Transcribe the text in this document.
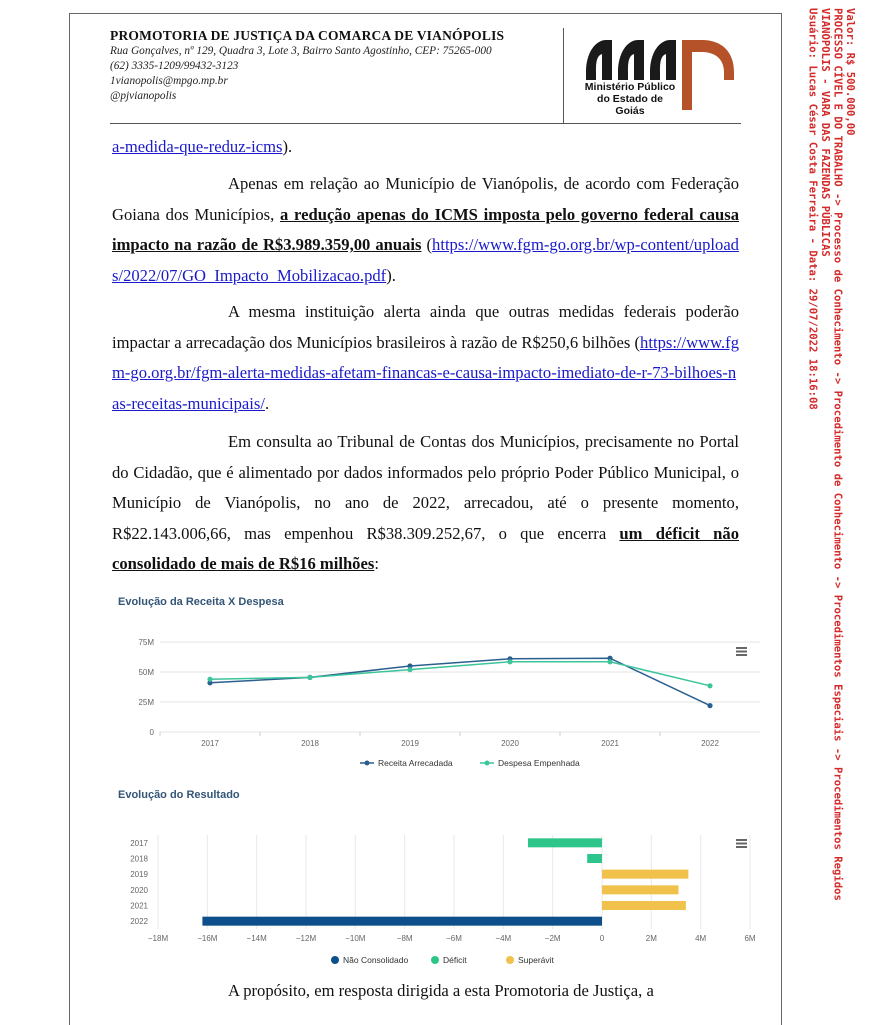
PROMOTORIA DE JUSTIÇA DA COMARCA DE VIANÓPOLIS
Rua Gonçalves, nº 129, Quadra 3, Lote 3, Bairro Santo Agostinho, CEP: 75265-000
(62) 3335-1209/99432-3123
1vianopolis@mpgo.mp.br
@pjvianopolis
Ministério Público do Estado de Goiás
a-medida-que-reduz-icms).

Apenas em relação ao Município de Vianópolis, de acordo com Federação Goiana dos Municípios, a redução apenas do ICMS imposta pelo governo federal causa impacto na razão de R$3.989.359,00 anuais (https://www.fgm-go.org.br/wp-content/uploads/2022/07/GO_Impacto_Mobilizacao.pdf).

A mesma instituição alerta ainda que outras medidas federais poderão impactar a arrecadação dos Municípios brasileiros à razão de R$250,6 bilhões (https://www.fgm-go.org.br/fgm-alerta-medidas-afetam-financas-e-causa-impacto-imediato-de-r-73-bilhoes-nas-receitas-municipais/.

Em consulta ao Tribunal de Contas dos Municípios, precisamente no Portal do Cidadão, que é alimentado por dados informados pelo próprio Poder Público Municipal, o Município de Vianópolis, no ano de 2022, arrecadou, até o presente momento, R$22.143.006,66, mas empenhou R$38.309.252,67, o que encerra um déficit não consolidado de mais de R$16 milhões:

Evolução da Receita X Despesa
0
25M
50M
75M
2017	2018	2019	2020	2021	2022
Receita Arrecadada	Despesa Empenhada
Evolução do Resultado
−18M	−16M	−14M	−12M	−10M	−8M	−6M	−4M	−2M	0	2M	4M	6M
2017
2018
2019
2020
2021
2022
Não Consolidado	Déficit	Superávit

A propósito, em resposta dirigida a esta Promotoria de Justiça, a

Valor: R$ 500.000,00
PROCESSO CÍVEL E DO TRABALHO -> Processo de Conhecimento -> Procedimento de Conhecimento -> Procedimentos Especiais -> Procedimentos Regidos
VIANÓPOLIS - VARA DAS FAZENDAS PÚBLICAS
Usuário: Lucas César Costa Ferreira - Data: 29/07/2022 18:16:08
